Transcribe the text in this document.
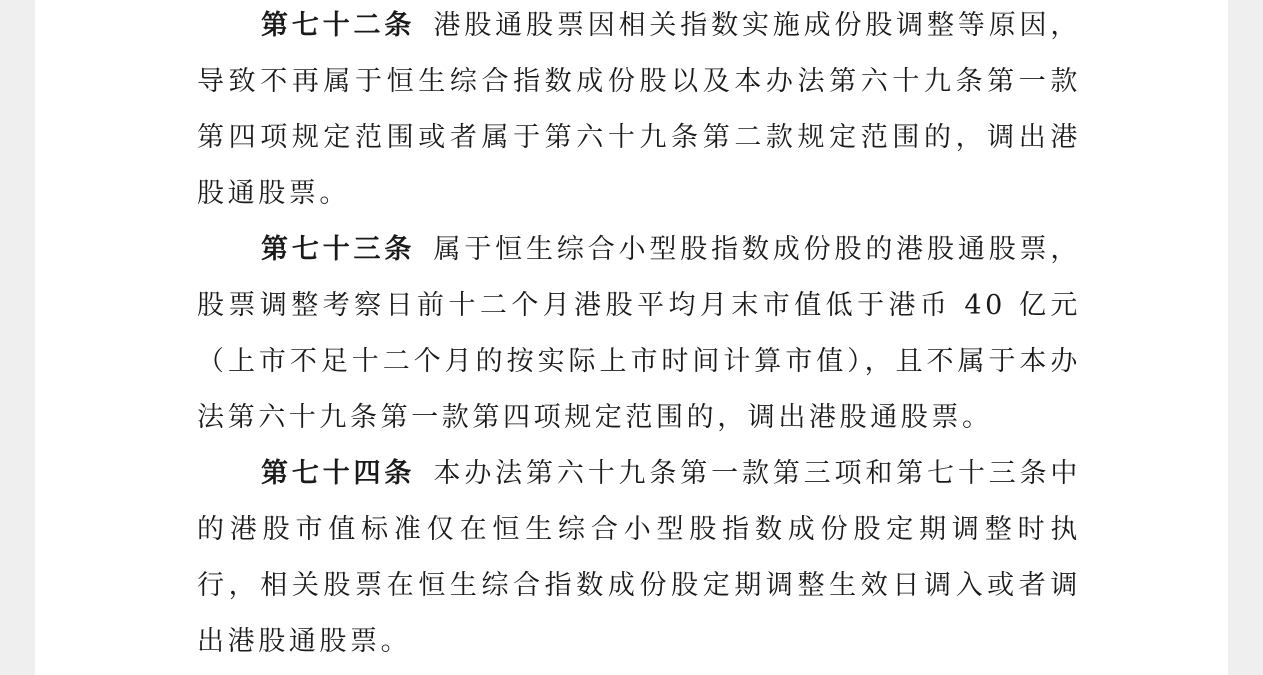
第七十二条 港股通股票因相关指数实施成份股调整等原因，导致不再属于恒生综合指数成份股以及本办法第六十九条第一款第四项规定范围或者属于第六十九条第二款规定范围的，调出港股通股票。

第七十三条 属于恒生综合小型股指数成份股的港股通股票，股票调整考察日前十二个月港股平均月末市值低于港币 40 亿元（上市不足十二个月的按实际上市时间计算市值），且不属于本办法第六十九条第一款第四项规定范围的，调出港股通股票。

第七十四条 本办法第六十九条第一款第三项和第七十三条中的港股市值标准仅在恒生综合小型股指数成份股定期调整时执行，相关股票在恒生综合指数成份股定期调整生效日调入或者调出港股通股票。
